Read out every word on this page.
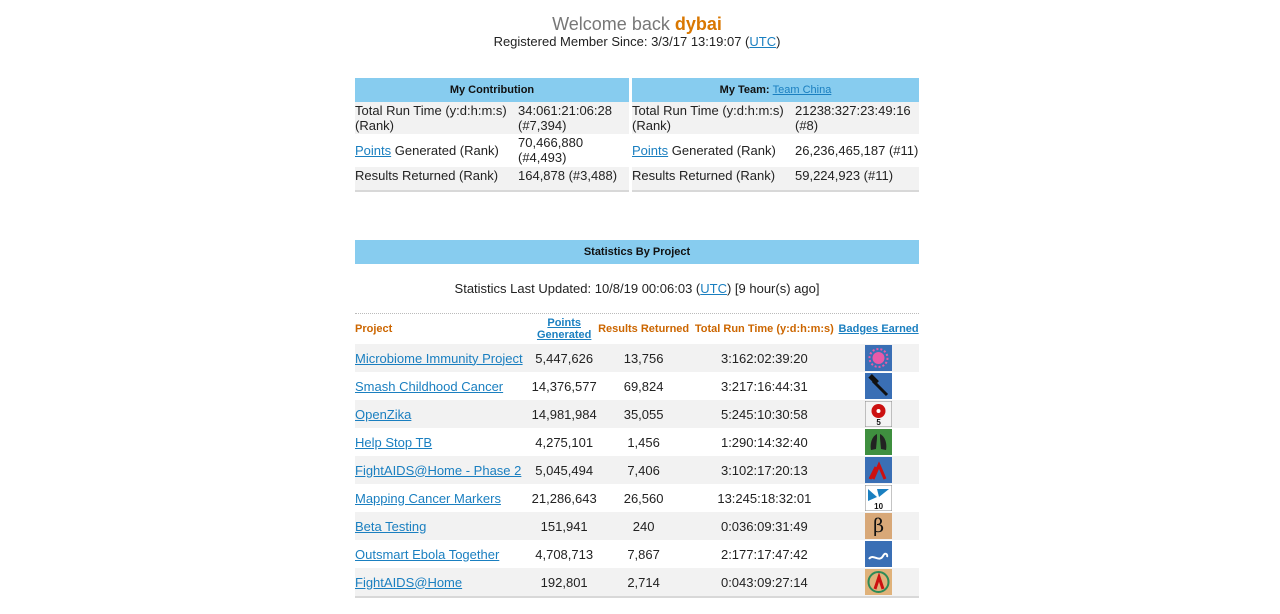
Welcome back dybai
Registered Member Since: 3/3/17 13:19:07 (UTC)
My Contribution	
Total Run Time (y:d:h:m:s) (Rank)	34:061:21:06:28 (#7,394)
Points Generated (Rank)	70,466,880 (#4,493)
Results Returned (Rank)	164,878 (#3,488)
My Team: Team China	
Total Run Time (y:d:h:m:s) (Rank)	21238:327:23:49:16 (#8)
Points Generated (Rank)	26,236,465,187 (#11)
Results Returned (Rank)	59,224,923 (#11)
Statistics By Project
Statistics Last Updated: 10/8/19 00:06:03 (UTC) [9 hour(s) ago]
Project	Points Generated	Results Returned	Total Run Time (y:d:h:m:s)	Badges Earned
Microbiome Immunity Project	5,447,626	13,756	3:162:02:39:20	

Smash Childhood Cancer	14,376,577	69,824	3:217:16:44:31	

OpenZika	14,981,984	35,055	5:245:10:30:58	5

Help Stop TB	4,275,101	1,456	1:290:14:32:40	

FightAIDS@Home - Phase 2	5,045,494	7,406	3:102:17:20:13	

Mapping Cancer Markers	21,286,643	26,560	13:245:18:32:01	10

Beta Testing	151,941	240	0:036:09:31:49	β

Outsmart Ebola Together	4,708,713	7,867	2:177:17:47:42	

FightAIDS@Home	192,801	2,714	0:043:09:27:14	
